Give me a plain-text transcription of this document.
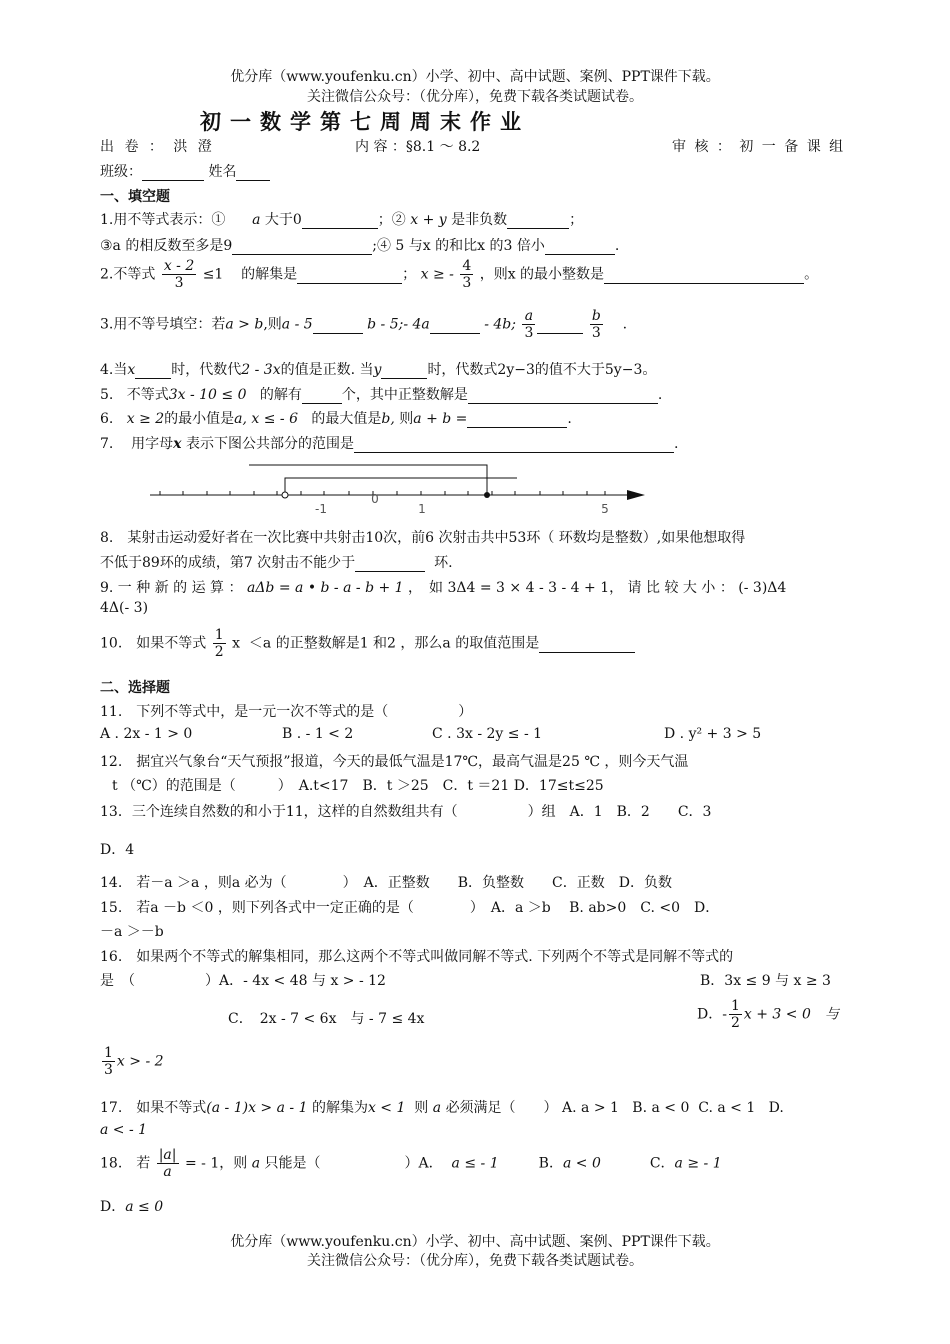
优分库（www.youfenku.cn）小学、初中、高中试题、案例、PPT课件下载。
关注微信公众号：（优分库），免费下载各类试题试卷。
初一数学第七周周末作业
出 卷 ： 洪 澄	内 容 ：§8.1 ～ 8.2	审 核 ： 初 一 备 课 组
班级：	姓名
一、填空题
1.用不等式表示：① a 大于0	；② x + y 是非负数	；
③a 的相反数至多是9	;④ 5 与x 的和比x 的3 倍小	.
2.不等式 $\frac{x - 2}{3} \le 1$ 的解集是	； x ≥ - $\frac{4}{3}$ ，则x 的最小整数是	。
3.用不等号填空：若a > b,则a - 5	b - 5;- 4a	- 4b; $\frac{a}{3}$
	$\frac{b}{3}$ .
4.当x	时，代数代2 - 3x的值是正数. 当y	时，代数式2y−3的值不大于5y−3。
5. 不等式3x - 10 ≤ 0 的解有	个，其中正整数解是	.
6. x ≥ 2的最小值是a, x ≤ - 6 的最大值是b, 则a + b =	.
7. 用字母x 表示下图公共部分的范围是	.
-1
0
1	5
8.　某射击运动爱好者在一次比赛中共射击10次，前6 次射击共中53环（ 环数均是整数）,如果他想取得
不低于89环的成绩，第7 次射击不能少于	环.
9. 一 种 新 的 运 算 ： aΔb = a • b - a - b + 1 ，　如 3Δ4 = 3 × 4 - 3 - 4 + 1， 请 比 较 大 小 ： (- 3)Δ4
4Δ(- 3)
10.　如果不等式 $\frac{1}{2}$ x ＜a 的正整数解是1 和2 ，那么a 的取值范围是
二、选择题
11.　下列不等式中，是一元一次不等式的是（　　　　　）
A . 2x - 1 > 0	B . - 1 < 2	C . 3x - 2y ≤ - 1	D . y² + 3 > 5
12.　据宜兴气象台“天气预报”报道，今天的最低气温是17℃，最高气温是25 ℃ ，则今天气温
t （℃）的范围是（　　　）　A.t<17　B．t ＞25　C．t ＝21 D．17≤t≤25
13．三个连续自然数的和小于11，这样的自然数组共有（　　　　　）组　A．1　B．2　　C．3
D．4
14.　若－a ＞a ，则a 必为（　　　　）　A．正整数　　B．负整数　　C．正数　D．负数
15.　若a －b ＜0 ，则下列各式中一定正确的是（　　　　）　A．a ＞b　 B. ab>0　C. <0　D．
－a ＞－b
16.　如果两个不等式的解集相同，那么这两个不等式叫做同解不等式. 下列两个不等式是同解不等式的
是　（　　　　　）A．- 4x < 48 与 x > - 12	B．3x ≤ 9 与 x ≥ 3
C．　2x - 7 < 6x　与 - 7 ≤ 4x	D．- $\frac{1}{2}$ x + 3 < 0　与
$\frac{1}{3}$ x > - 2
17.　如果不等式(a - 1)x > a - 1 的解集为x < 1 则 a 必须满足（　　） A. a > 1 B. a < 0 C. a < 1 D.
a < - 1
18.　若 $\frac{|a|}{a}$ = - 1，则 a 只能是（　　　　　　）A． a ≤ - 1	B．a < 0	C．a ≥ - 1
D．a ≤ 0
优分库（www.youfenku.cn）小学、初中、高中试题、案例、PPT课件下载。
关注微信公众号：（优分库），免费下载各类试题试卷。
